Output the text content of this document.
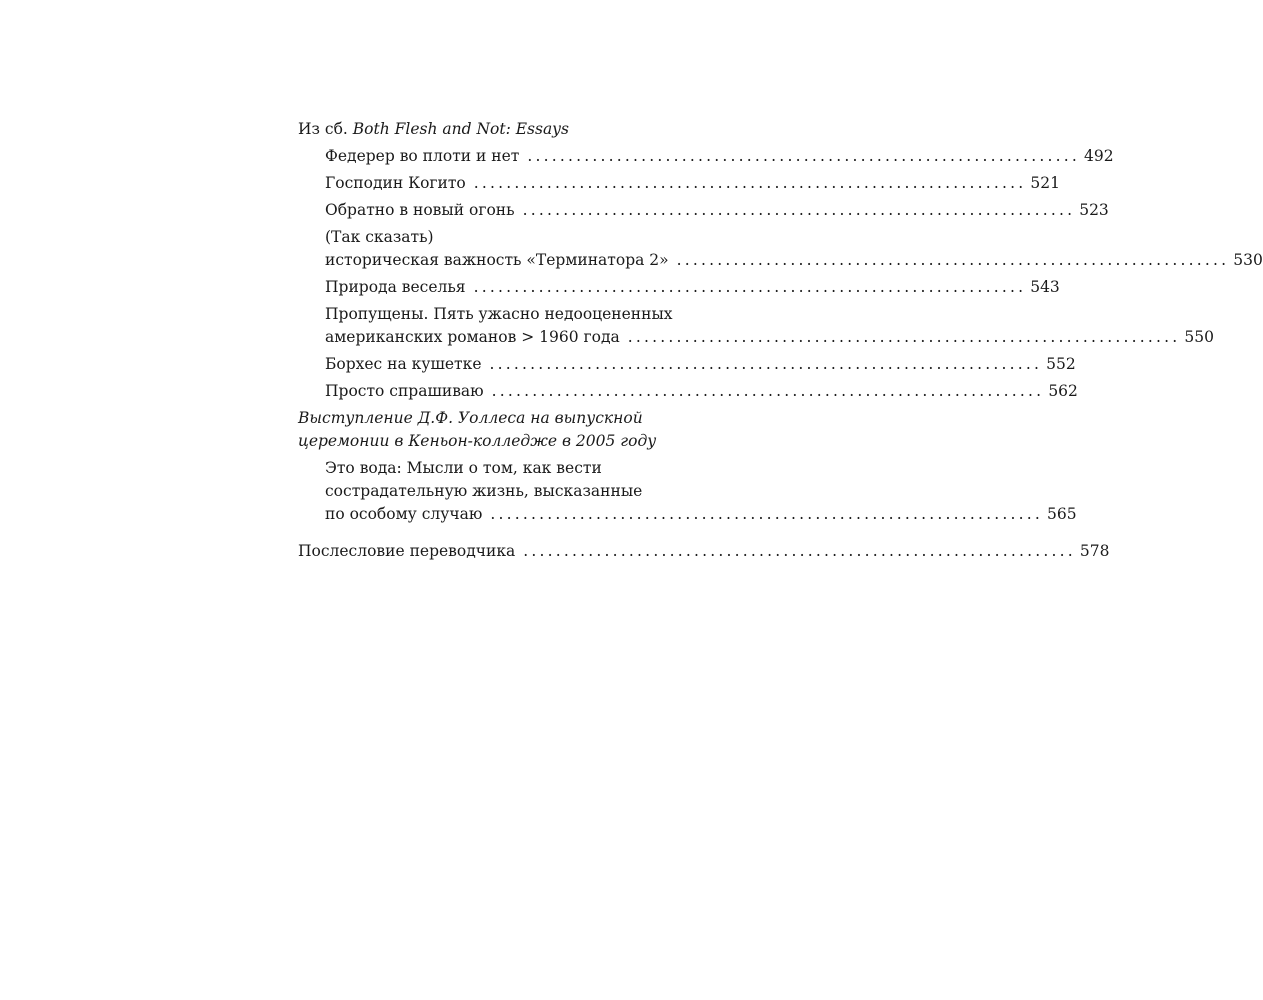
Из сб. Both Flesh and Not: Essays
Федерер во плоти и нет .................................................................... 492
Господин Когито .................................................................... 521
Обратно в новый огонь .................................................................... 523
(Так сказать)
историческая важность «Терминатора 2» .................................................................... 530
Природа веселья .................................................................... 543
Пропущены. Пять ужасно недооцененных
американских романов > 1960 года .................................................................... 550
Борхес на кушетке .................................................................... 552
Просто спрашиваю .................................................................... 562
Выступление Д.Ф. Уоллеса на выпускной
церемонии в Кеньон-колледже в 2005 году
Это вода: Мысли о том, как вести
сострадательную жизнь, высказанные
по особому случаю .................................................................... 565
Послесловие переводчика .................................................................... 578
